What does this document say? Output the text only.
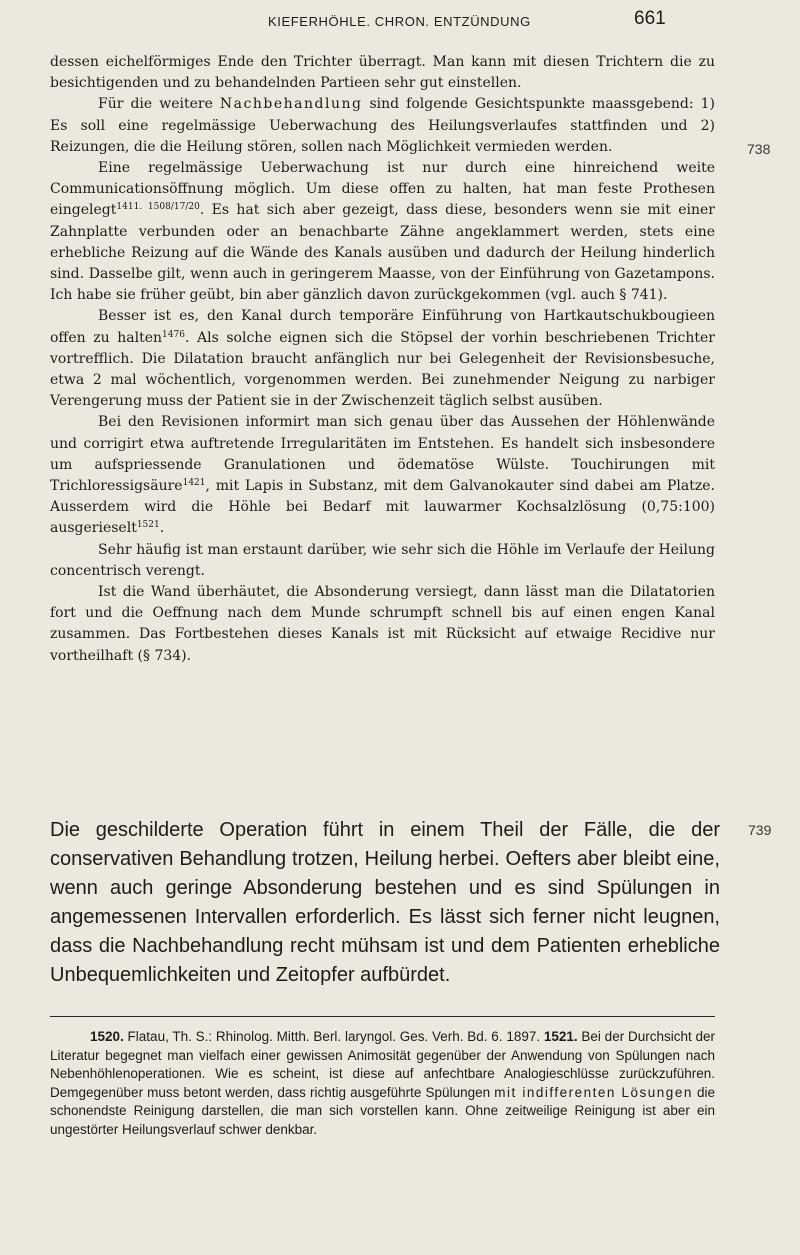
KIEFERHÖHLE. CHRON. ENTZÜNDUNG	661
738
739

dessen eichelförmiges Ende den Trichter überragt. Man kann mit diesen Trichtern die zu besichtigenden und zu behandelnden Partieen sehr gut einstellen.

Für die weitere Nachbehandlung sind folgende Gesichtspunkte maassgebend: 1) Es soll eine regelmässige Ueberwachung des Heilungsverlaufes stattfinden und 2) Reizungen, die die Heilung stören, sollen nach Möglichkeit vermieden werden.

Eine regelmässige Ueberwachung ist nur durch eine hinreichend weite Communicationsöffnung möglich. Um diese offen zu halten, hat man feste Prothesen eingelegt$^{1411. 1508/17/20}$. Es hat sich aber gezeigt, dass diese, besonders wenn sie mit einer Zahnplatte verbunden oder an benachbarte Zähne angeklammert werden, stets eine erhebliche Reizung auf die Wände des Kanals ausüben und dadurch der Heilung hinderlich sind. Dasselbe gilt, wenn auch in geringerem Maasse, von der Einführung von Gazetampons. Ich habe sie früher geübt, bin aber gänzlich davon zurückgekommen (vgl. auch § 741).

Besser ist es, den Kanal durch temporäre Einführung von Hartkautschukbougieen offen zu halten$^{1476}$. Als solche eignen sich die Stöpsel der vorhin beschriebenen Trichter vortrefflich. Die Dilatation braucht anfänglich nur bei Gelegenheit der Revisionsbesuche, etwa 2 mal wöchentlich, vorgenommen werden. Bei zunehmender Neigung zu narbiger Verengerung muss der Patient sie in der Zwischenzeit täglich selbst ausüben.

Bei den Revisionen informirt man sich genau über das Aussehen der Höhlenwände und corrigirt etwa auftretende Irregularitäten im Entstehen. Es handelt sich insbesondere um aufspriessende Granulationen und ödematöse Wülste. Touchirungen mit Trichloressigsäure$^{1421}$, mit Lapis in Substanz, mit dem Galvanokauter sind dabei am Platze. Ausserdem wird die Höhle bei Bedarf mit lauwarmer Kochsalzlösung (0,75:100) ausgerieselt$^{1521}$.

Sehr häufig ist man erstaunt darüber, wie sehr sich die Höhle im Verlaufe der Heilung concentrisch verengt.

Ist die Wand überhäutet, die Absonderung versiegt, dann lässt man die Dilatatorien fort und die Oeffnung nach dem Munde schrumpft schnell bis auf einen engen Kanal zusammen. Das Fortbestehen dieses Kanals ist mit Rücksicht auf etwaige Recidive nur vortheilhaft (§ 734).

Die geschilderte Operation führt in einem Theil der Fälle, die der conservativen Behandlung trotzen, Heilung herbei. Oefters aber bleibt eine, wenn auch geringe Absonderung bestehen und es sind Spülungen in angemessenen Intervallen erforderlich. Es lässt sich ferner nicht leugnen, dass die Nachbehandlung recht mühsam ist und dem Patienten erhebliche Unbequemlichkeiten und Zeitopfer aufbürdet.

1520. Flatau, Th. S.: Rhinolog. Mitth. Berl. laryngol. Ges. Verh. Bd. 6. 1897. 1521. Bei der Durchsicht der Literatur begegnet man vielfach einer gewissen Animosität gegenüber der Anwendung von Spülungen nach Nebenhöhlenoperationen. Wie es scheint, ist diese auf anfechtbare Analogieschlüsse zurückzuführen. Demgegenüber muss betont werden, dass richtig ausgeführte Spülungen mit indifferenten Lösungen die schonendste Reinigung darstellen, die man sich vorstellen kann. Ohne zeitweilige Reinigung ist aber ein ungestörter Heilungsverlauf schwer denkbar.
